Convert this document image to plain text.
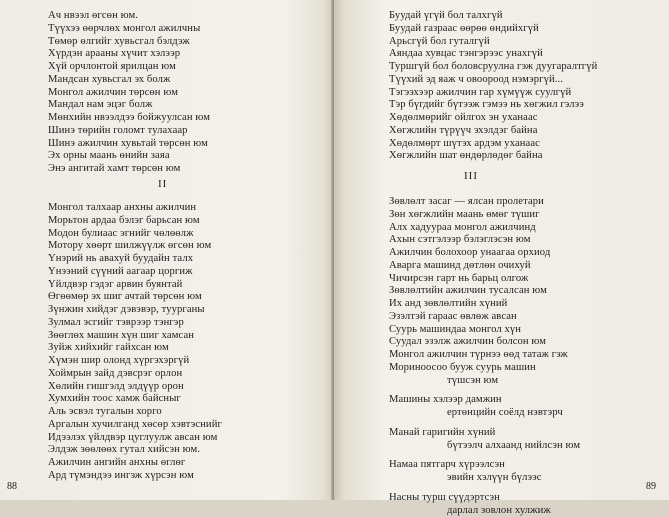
Ач нвээл өгсөн юм.
Түүхээ өөрчлөх монгол ажилчны
Төмөр өлгийг хувьсгал бэлдэж
Хүрдэн арааны хүчит хэлээр
Хүй орчлонтой ярилцан юм
Мандсан хувьсгал эх болж
Монгол ажилчин төрсөн юм
Мандал нам эцэг болж
Мөнхийн нвээлдээ бойжуулсан юм
Шинэ төрийн голомт тулахаар
Шинэ ажилчин хувьтай төрсөн юм
Эх орны маань өнийн заяа
Энэ ангитай хамт төрсөн юм
II
Монгол талхаар анхны ажилчин
Морьтон ардаа бэлэг барьсан юм
Модон булиаас эгнийг чөлөөлж
Мотору хөөрт шилжүүлж өгсөн юм
Үнэрий нь авахуй буудайн талх
Үнээний сүүний аагаар цоргиж
Үйлдвэр гэдэг арвин буянтай
Өгөөмөр эх шиг ачтай төрсөн юм
Зүнжин хийдэг дэвэвэр, туурганы
Зулмал эсгийг тэврээр тэнгэр
Зөөглөх машин хүн шиг хамсан
Зуйж хийхийг гайхсан юм
Хүмэн шир олонд хүргэхэргүй
Хоймрын зайд дэвсрэг орлон
Хөлийн гишгэлд элдүүр орон
Хумхийн тоос хамж байсныг
Аль эсвэл тугалын хорго
Аргалын хучилганд хөсөр хэвтэснийг
Идээлэх үйлдвэр цуглуулж авсан юм
Элдэж зөөлөөх гутал хийсэн юм.
Ажилчин ангийн анхны өглөг
Ард түмэндээ ингэж хүрсэн юм
88
Буудай үгүй бол талхгүй
Буудай газраас өөрөө өндийхгүй
Арьсгүй бол гуталгүй
Аяндаа хувцас тэнгэрээс унахгүй
Туршгүй бол боловсруулна гэж дуугаралтгүй
Түүхий эд яаж ч овоороод нэмэргүй...
Тэгээхээр ажилчин гар хүмүүж суулгүй
Тэр бүгдийг бүтээж гэмээ нь хөгжил гэлээ
Хөдөлмөрийг ойлгох эн уханаас
Хөгжлийн түрүүч эхэлдэг байна
Хөдөлмөрт шүтэх ардэм уханаас
Хөгжлийн шат өндөрлөдөг байна
III
Зөвлөлт засаг — ялсан пролетари
Зөн хөгжлийн маань өмөг түшиг
Алх хадуураа монгол ажилчинд
Ахын сэтгэлээр бэлэглэсэн юм
Ажилчин болохоор унаагаа орхиод
Аварга машинд дөтлөн очихуй
Чичирсэн гарт нь барьц олгож
Зөвлөлтийн ажилчин тусалсан юм
Их анд зөвлөлтийн хүний
Эзэлтэй гараас өвлөж авсан
Суурь машиндаа монгол хүн
Суудал эзэлж ажилчин болсон юм
Монгол ажилчин түрнээ өөд татаж гэж
Мориноосоо бууж суурь машин
түшсэн юм
Машины хэлээр дамжин
ертөнцийн соёлд нэвтэрч
Манай гаригийн хүний
бүтээлч алхаанд нийлсэн юм
Намаа пятгарч хүрээлсэн
эвийн хэлүүн бүлээс
Насны турш сүүдэртсэн
дарлал зовлон хулжиж
89
